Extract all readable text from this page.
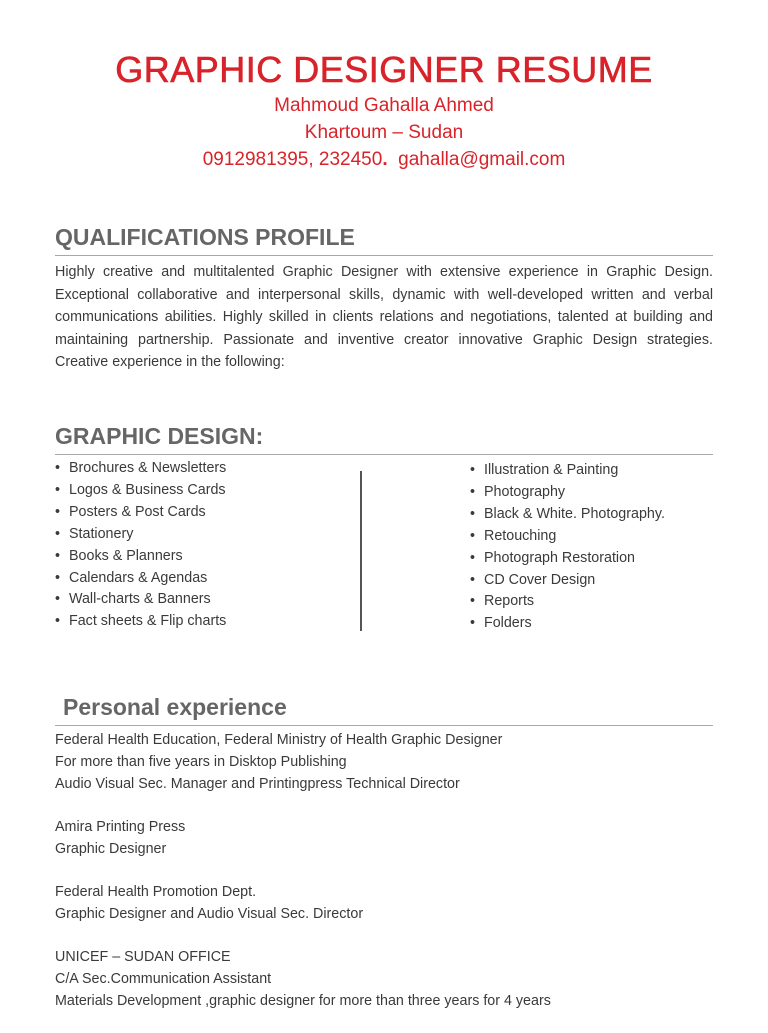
GRAPHIC DESIGNER RESUME
Mahmoud Gahalla Ahmed
Khartoum – Sudan
0912981395, 232450. gahalla@gmail.com
QUALIFICATIONS PROFILE
Highly creative and multitalented Graphic Designer with extensive experience in Graphic Design. Exceptional collaborative and interpersonal skills, dynamic with well-developed written and verbal communications abilities. Highly skilled in clients relations and negotiations, talented at building and maintaining partnership. Passionate and inventive creator innovative Graphic Design strategies. Creative experience in the following:
GRAPHIC DESIGN:
• Brochures & Newsletters
• Logos & Business Cards
• Posters & Post Cards
• Stationery
• Books & Planners
• Calendars & Agendas
• Wall-charts & Banners
• Fact sheets & Flip charts
• Illustration & Painting
• Photography
• Black & White. Photography.
• Retouching
• Photograph Restoration
• CD Cover Design
• Reports
• Folders
Personal experience
Federal Health Education, Federal Ministry of Health Graphic Designer
For more than five years in Disktop Publishing
Audio Visual Sec. Manager and Printingpress Technical Director
Amira Printing Press
Graphic Designer
Federal Health Promotion Dept.
Graphic Designer and Audio Visual Sec. Director
UNICEF – SUDAN OFFICE
C/A Sec.Communication Assistant
Materials Development ,graphic designer for more than three years for 4 years
